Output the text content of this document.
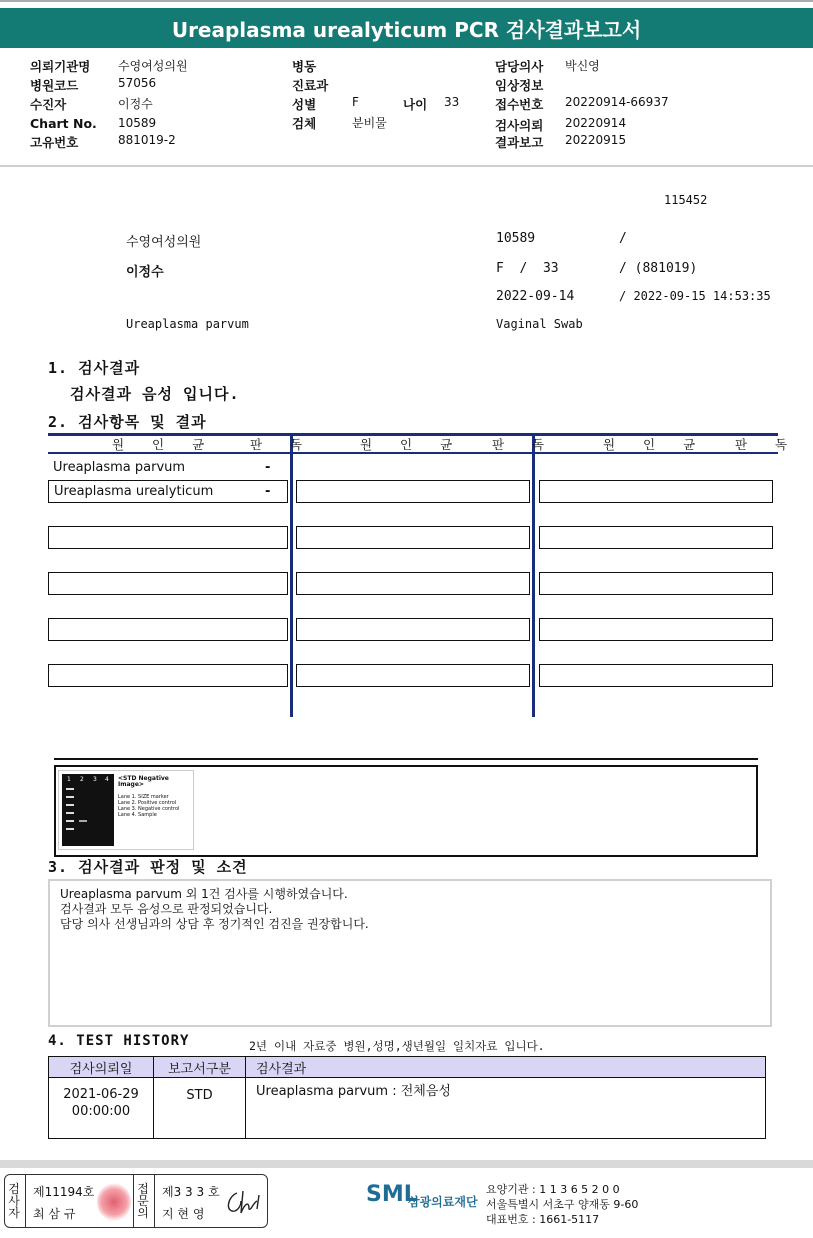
Ureaplasma urealyticum PCR 검사결과보고서
의뢰기관명 수영여성의원
병원코드	57056
수진자	이정수
Chart No. 10589
고유번호	881019-2
병동
진료과
성별	F	나이 33
검체	분비물
담당의사 박신영
임상정보
접수번호 20220914-66937
검사의뢰 20220914
결과보고 20220915
115452
수영여성의원	10589	/
이정수	F  /  33	/ (881019)
2022-09-14	/ 2022-09-15 14:53:35
Ureaplasma parvum	Vaginal Swab
1. 검사결과
검사결과 음성 입니다.
2. 검사항목 및 결과
원 인 균	판 독	원 인 균 판 독	원 인 균 판 독
Ureaplasma parvum	-
Ureaplasma urealyticum	-
1 2 3 4 <STD Negative Image>
Lane 1. SIZE marker
Lane 2. Positive control
Lane 3. Negative control
Lane 4. Sample
3. 검사결과 판정 및 소견
Ureaplasma parvum 외 1건 검사를 시행하였습니다.
검사결과 모두 음성으로 판정되었습니다.
담당 의사 선생님과의 상담 후 정기적인 검진을 권장합니다.
4. TEST HISTORY	2년 이내 자료중 병원,성명,생년월일 일치자료 입니다.
검사의뢰일	보고서구분	검사결과

2021-06-29
00:00:00	STD	Ureaplasma parvum : 전체음성
검
사
자
제11194호
최 삼 규
접
문
의
제3 3 3 호
지 현 영
SML
삼광의료재단
요양기관 : 1 1 3 6 5 2 0 0
서울특별시 서초구 양재동 9-60
대표번호 : 1661-5117
